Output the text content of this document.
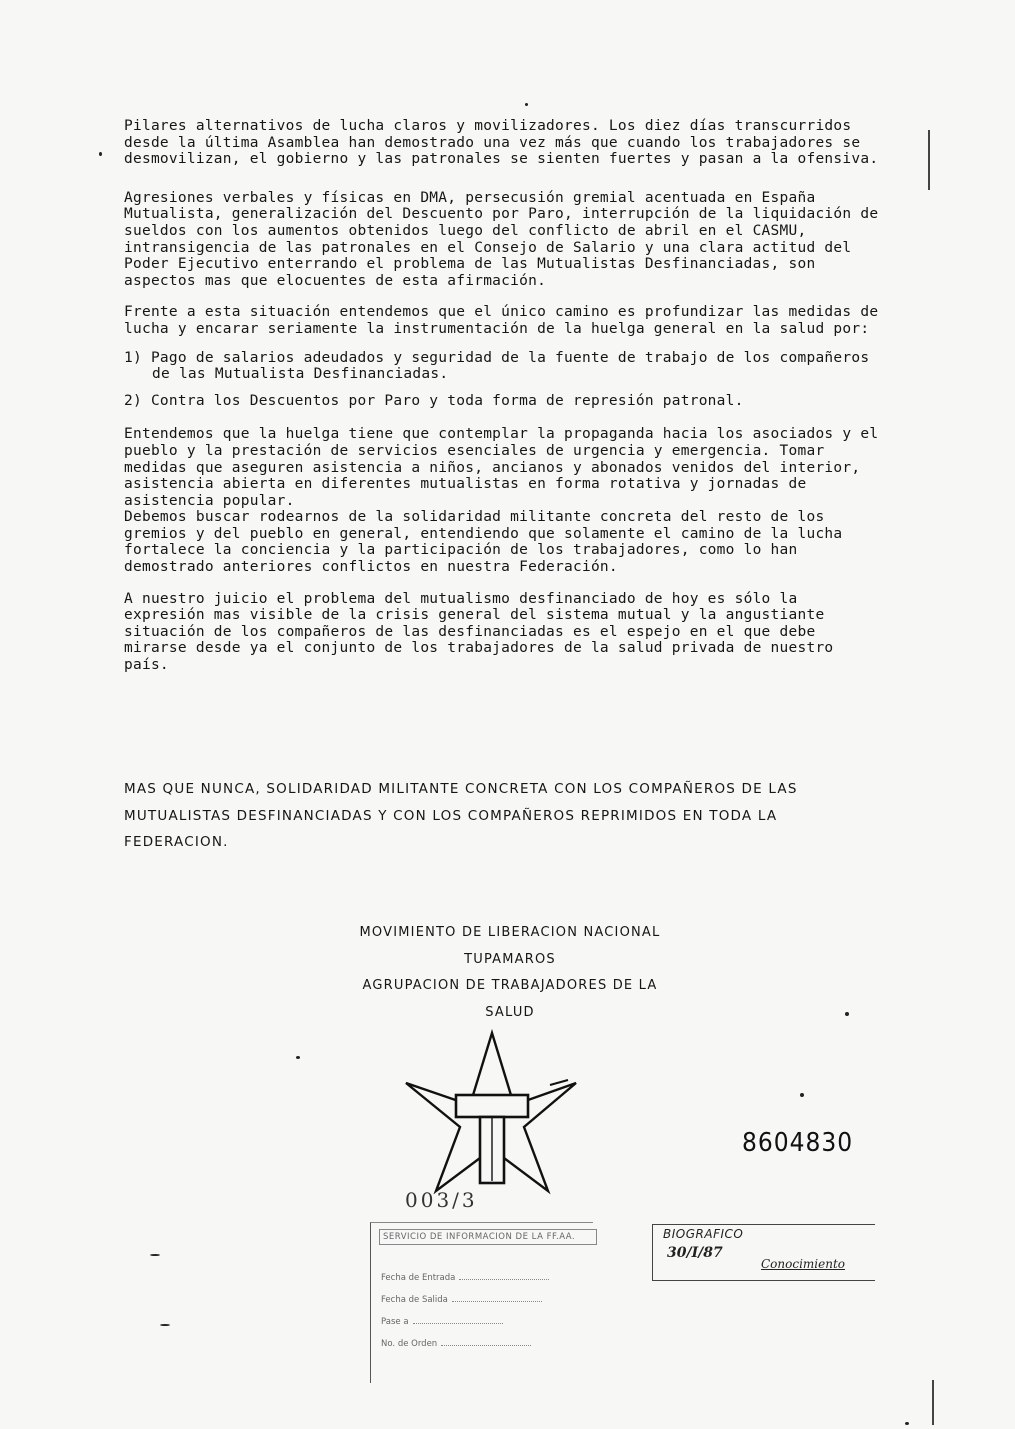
Pilares alternativos de lucha claros y movilizadores. Los diez días transcurridos desde la última Asamblea han demostrado una vez más que cuando los trabajadores se desmovilizan, el gobierno y las patronales se sienten fuertes y pasan a la ofensiva.

Agresiones verbales y físicas en DMA, persecusión gremial acentuada en España Mutualista, generalización del Descuento por Paro, interrupción de la liquidación de sueldos con los aumentos obtenidos luego del conflicto de abril en el CASMU, intransigencia de las patronales en el Consejo de Salario y una clara actitud del Poder Ejecutivo enterrando el problema de las Mutualistas Desfinanciadas, son aspectos mas que elocuentes de esta afirmación.

Frente a esta situación entendemos que el único camino es profundizar las medidas de lucha y encarar seriamente la instrumentación de la huelga general en la salud por:

1) Pago de salarios adeudados y seguridad de la fuente de trabajo de los compañeros de las Mutualista Desfinanciadas.

2) Contra los Descuentos por Paro y toda forma de represión patronal.

Entendemos que la huelga tiene que contemplar la propaganda hacia los asociados y el pueblo y la prestación de servicios esenciales de urgencia y emergencia. Tomar medidas que aseguren asistencia a niños, ancianos y abonados venidos del interior, asistencia abierta en diferentes mutualistas en forma rotativa y jornadas de asistencia popular.

Debemos buscar rodearnos de la solidaridad militante concreta del resto de los gremios y del pueblo en general, entendiendo que solamente el camino de la lucha fortalece la conciencia y la participación de los trabajadores, como lo han demostrado anteriores conflictos en nuestra Federación.

A nuestro juicio el problema del mutualismo desfinanciado de hoy es sólo la expresión mas visible de la crisis general del sistema mutual y la angustiante situación de los compañeros de las desfinanciadas es el espejo en el que debe mirarse desde ya el conjunto de los trabajadores de la salud privada de nuestro país.

MAS QUE NUNCA, SOLIDARIDAD MILITANTE CONCRETA CON LOS COMPAÑEROS DE LAS
MUTUALISTAS DESFINANCIADAS Y CON LOS COMPAÑEROS REPRIMIDOS EN TODA LA
FEDERACION.
MOVIMIENTO DE LIBERACION NACIONAL
TUPAMAROS
AGRUPACION DE TRABAJADORES DE LA
SALUD
8604830
003/3
SERVICIO DE INFORMACION DE LA FF.AA.
Fecha de Entrada
Fecha de Salida
Pase a
No. de Orden
BIOGRAFICO
30/I/87
Conocimiento
